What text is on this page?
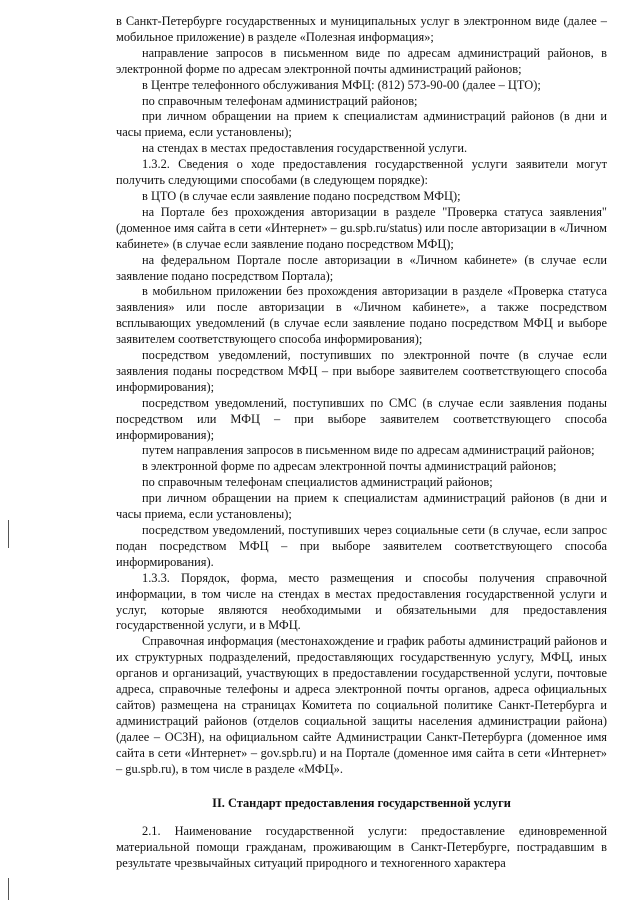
в Санкт-Петербурге государственных и муниципальных услуг в электронном виде (далее – мобильное приложение) в разделе «Полезная информация»;

направление запросов в письменном виде по адресам администраций районов, в электронной форме по адресам электронной почты администраций районов;

в Центре телефонного обслуживания МФЦ: (812) 573-90-00 (далее – ЦТО);

по справочным телефонам администраций районов;

при личном обращении на прием к специалистам администраций районов (в дни и часы приема, если установлены);

на стендах в местах предоставления государственной услуги.

1.3.2. Сведения о ходе предоставления государственной услуги заявители могут получить следующими способами (в следующем порядке):

в ЦТО (в случае если заявление подано посредством МФЦ);

на Портале без прохождения авторизации в разделе "Проверка статуса заявления" (доменное имя сайта в сети «Интернет» – gu.spb.ru/status) или после авторизации в «Личном кабинете» (в случае если заявление подано посредством МФЦ);

на федеральном Портале после авторизации в «Личном кабинете» (в случае если заявление подано посредством Портала);

в мобильном приложении без прохождения авторизации в разделе «Проверка статуса заявления» или после авторизации в «Личном кабинете», а также посредством всплывающих уведомлений (в случае если заявление подано посредством МФЦ и выборе заявителем соответствующего способа информирования);

посредством уведомлений, поступивших по электронной почте (в случае если заявления поданы посредством МФЦ – при выборе заявителем соответствующего способа информирования);

посредством уведомлений, поступивших по СМС (в случае если заявления поданы посредством или МФЦ – при выборе заявителем соответствующего способа информирования);

путем направления запросов в письменном виде по адресам администраций районов;

в электронной форме по адресам электронной почты администраций районов;

по справочным телефонам специалистов администраций районов;

при личном обращении на прием к специалистам администраций районов (в дни и часы приема, если установлены);

посредством уведомлений, поступивших через социальные сети (в случае, если запрос подан посредством МФЦ – при выборе заявителем соответствующего способа информирования).

1.3.3. Порядок, форма, место размещения и способы получения справочной информации, в том числе на стендах в местах предоставления государственной услуги и услуг, которые являются необходимыми и обязательными для предоставления государственной услуги, и в МФЦ.

Справочная информация (местонахождение и график работы администраций районов и их структурных подразделений, предоставляющих государственную услугу, МФЦ, иных органов и организаций, участвующих в предоставлении государственной услуги, почтовые адреса, справочные телефоны и адреса электронной почты органов, адреса официальных сайтов) размещена на страницах Комитета по социальной политике Санкт-Петербурга и администраций районов (отделов социальной защиты населения администрации района) (далее – ОСЗН), на официальном сайте Администрации Санкт-Петербурга (доменное имя сайта в сети «Интернет» – gov.spb.ru) и на Портале (доменное имя сайта в сети «Интернет» – gu.spb.ru), в том числе в разделе «МФЦ».

II. Стандарт предоставления государственной услуги

2.1. Наименование государственной услуги: предоставление единовременной материальной помощи гражданам, проживающим в Санкт-Петербурге, пострадавшим в результате чрезвычайных ситуаций природного и техногенного характера
